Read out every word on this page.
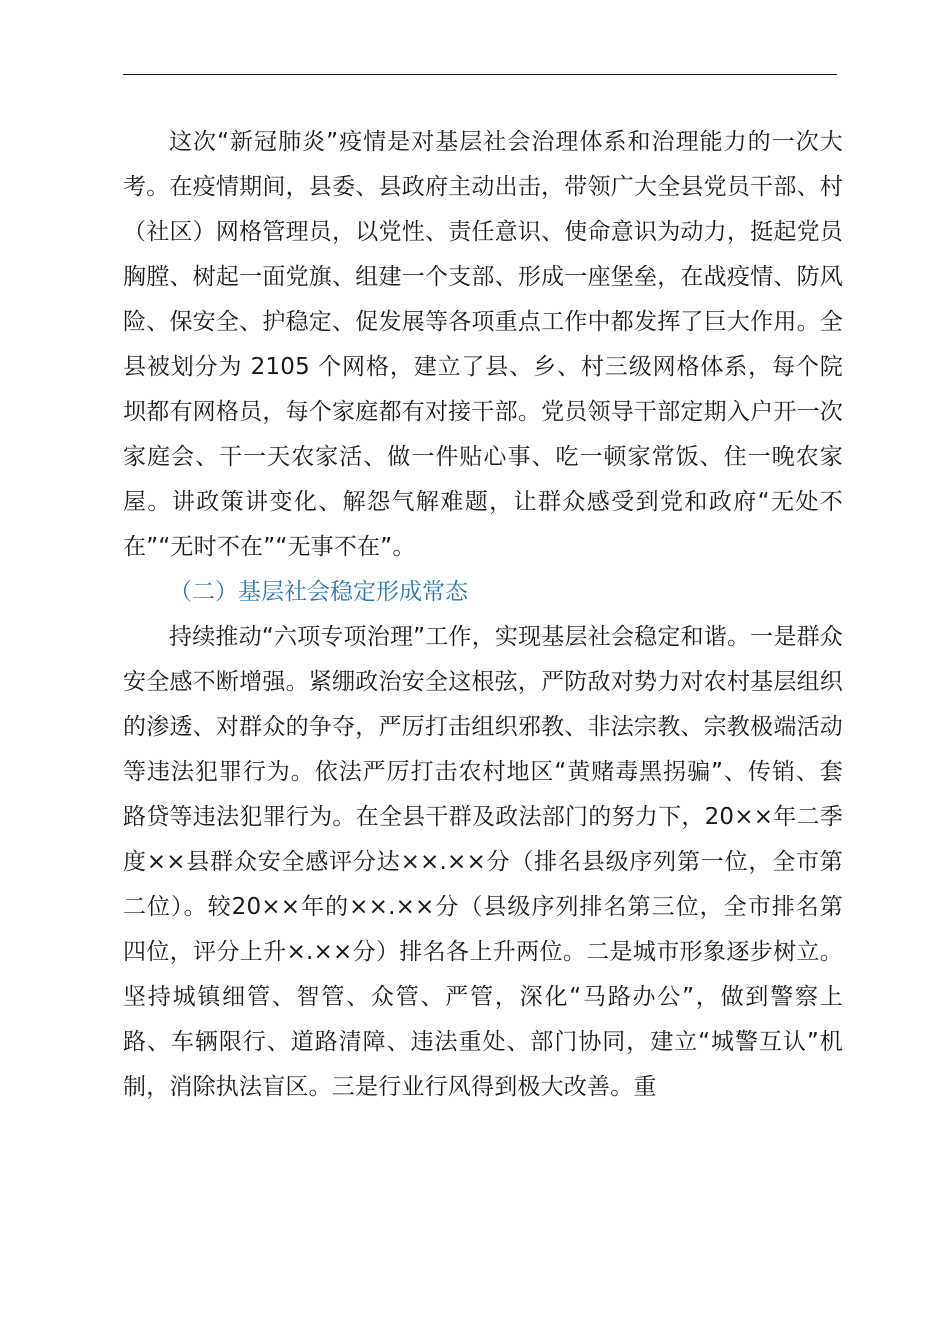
这次“新冠肺炎”疫情是对基层社会治理体系和治理能力的一次大考。在疫情期间，县委、县政府主动出击，带领广大全县党员干部、村（社区）网格管理员，以党性、责任意识、使命意识为动力，挺起党员胸膛、树起一面党旗、组建一个支部、形成一座堡垒，在战疫情、防风险、保安全、护稳定、促发展等各项重点工作中都发挥了巨大作用。全县被划分为 2105 个网格，建立了县、乡、村三级网格体系，每个院坝都有网格员，每个家庭都有对接干部。党员领导干部定期入户开一次家庭会、干一天农家活、做一件贴心事、吃一顿家常饭、住一晚农家屋。讲政策讲变化、解怨气解难题，让群众感受到党和政府“无处不在”“无时不在”“无事不在”。

（二）基层社会稳定形成常态

持续推动“六项专项治理”工作，实现基层社会稳定和谐。一是群众安全感不断增强。紧绷政治安全这根弦，严防敌对势力对农村基层组织的渗透、对群众的争夺，严厉打击组织邪教、非法宗教、宗教极端活动等违法犯罪行为。依法严厉打击农村地区“黄赌毒黑拐骗”、传销、套路贷等违法犯罪行为。在全县干群及政法部门的努力下，20××年二季度××县群众安全感评分达××.××分（排名县级序列第一位，全市第二位）。较20××年的××.××分（县级序列排名第三位，全市排名第四位，评分上升×.××分）排名各上升两位。二是城市形象逐步树立。坚持城镇细管、智管、众管、严管，深化“马路办公”，做到警察上路、车辆限行、道路清障、违法重处、部门协同，建立“城警互认”机制，消除执法盲区。三是行业行风得到极大改善。重
